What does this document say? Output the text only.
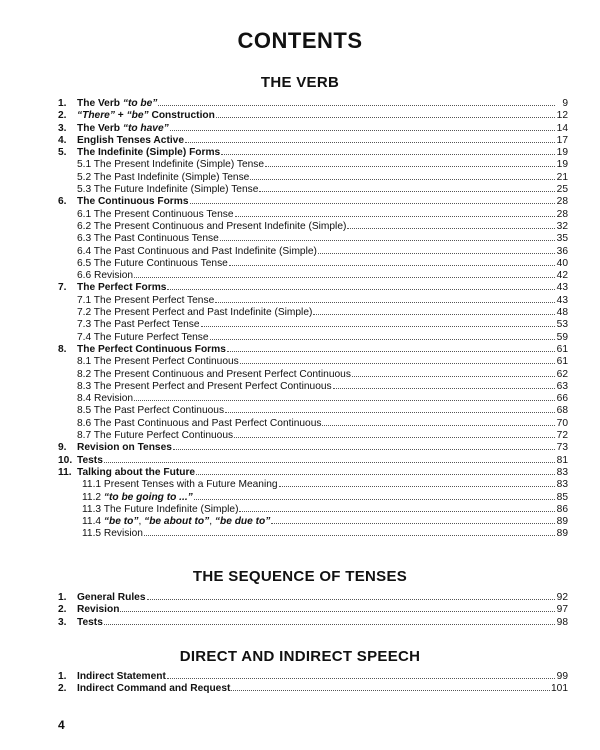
CONTENTS
THE VERB
1.	The Verb “to be”	9
2.	“There” + “be” Construction	12
3.	The Verb “to have”	14
4.	English Tenses Active	17
5.	The Indefinite (Simple) Forms	19
5.1 The Present Indefinite (Simple) Tense	19
5.2 The Past Indefinite (Simple) Tense	21
5.3 The Future Indefinite (Simple) Tense	25
6.	The Continuous Forms	28
6.1 The Present Continuous Tense	28
6.2 The Present Continuous and Present Indefinite (Simple)	32
6.3 The Past Continuous Tense	35
6.4 The Past Continuous and Past Indefinite (Simple)	36
6.5 The Future Continuous Tense	40
6.6 Revision	42
7.	The Perfect Forms	43
7.1 The Present Perfect Tense	43
7.2 The Present Perfect and Past Indefinite (Simple)	48
7.3 The Past Perfect Tense	53
7.4 The Future Perfect Tense	59
8.	The Perfect Continuous Forms	61
8.1 The Present Perfect Continuous	61
8.2 The Present Continuous and Present Perfect Continuous	62
8.3 The Present Perfect and Present Perfect Continuous	63
8.4 Revision	66
8.5 The Past Perfect Continuous	68
8.6 The Past Continuous and Past Perfect Continuous	70
8.7 The Future Perfect Continuous	72
9.	Revision on Tenses	73
10. Tests	81
11. Talking about the Future	83
11.1 Present Tenses with a Future Meaning	83
11.2 “to be going to ...”	85
11.3 The Future Indefinite (Simple)	86
11.4 “be to”, “be about to”, “be due to”	89
11.5 Revision	89
THE SEQUENCE OF TENSES
1.	General Rules	92
2.	Revision	97
3.	Tests	98
DIRECT AND INDIRECT SPEECH
1.	Indirect Statement	99
2.	Indirect Command and Request	101
4
